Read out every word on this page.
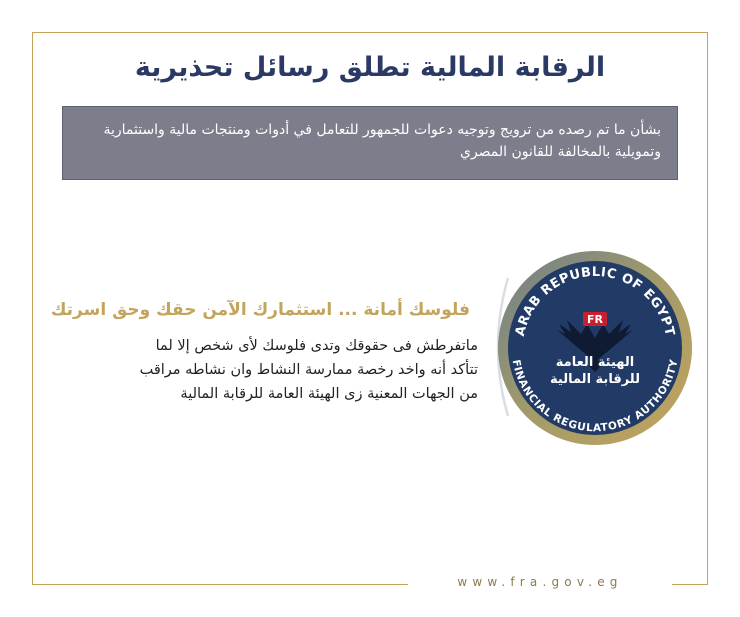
الرقابة المالية تطلق رسائل تحذيرية
بشأن ما تم رصده من ترويج وتوجيه دعوات للجمهور للتعامل في أدوات ومنتجات مالية واستثمارية وتمويلية بالمخالفة للقانون المصري
فلوسك أمانة ... استثمارك الآمن حقك وحق اسرتك
ماتفرطش فى حقوقك وتدى فلوسك لأى شخص إلا لما
تتأكد أنه واخد رخصة ممارسة النشاط وان نشاطه مراقب
من الجهات المعنية زى الهيئة العامة للرقابة المالية
ARAB REPUBLIC OF EGYPT
FINANCIAL REGULATORY AUTHORITY
FR
الهيئة العامة
للرقابة المالية
www.fra.gov.eg
